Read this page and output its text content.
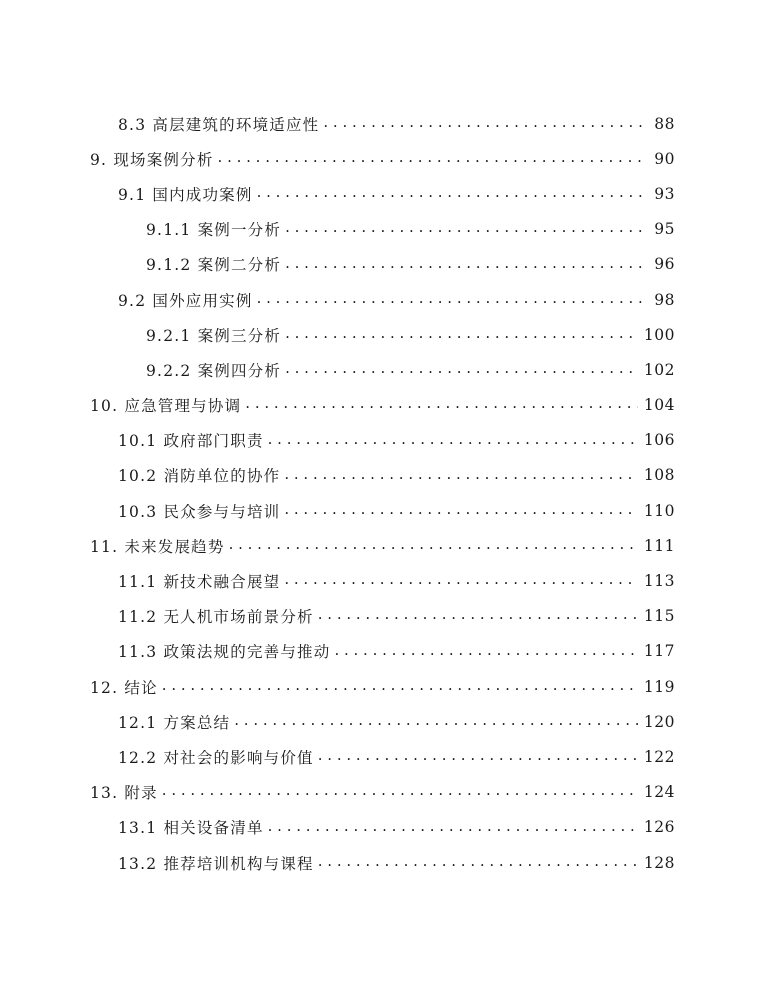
8.3 高层建筑的环境适应性 . . .	88
9. 现场案例分析 . . .	90
9.1 国内成功案例 . . .	93
9.1.1 案例一分析 . . .	95
9.1.2 案例二分析 . . .	96
9.2 国外应用实例 . . .	98
9.2.1 案例三分析 . . .	100
9.2.2 案例四分析 . . .	102
10. 应急管理与协调 . . .	104
10.1 政府部门职责 . . .	106
10.2 消防单位的协作 . . .	108
10.3 民众参与与培训 . . .	110
11. 未来发展趋势 . . .	111
11.1 新技术融合展望 . . .	113
11.2 无人机市场前景分析 . . .	115
11.3 政策法规的完善与推动 . . .	117
12. 结论 . . .	119
12.1 方案总结 . . .	120
12.2 对社会的影响与价值 . . .	122
13. 附录 . . .	124
13.1 相关设备清单 . . .	126
13.2 推荐培训机构与课程 . . .	128
